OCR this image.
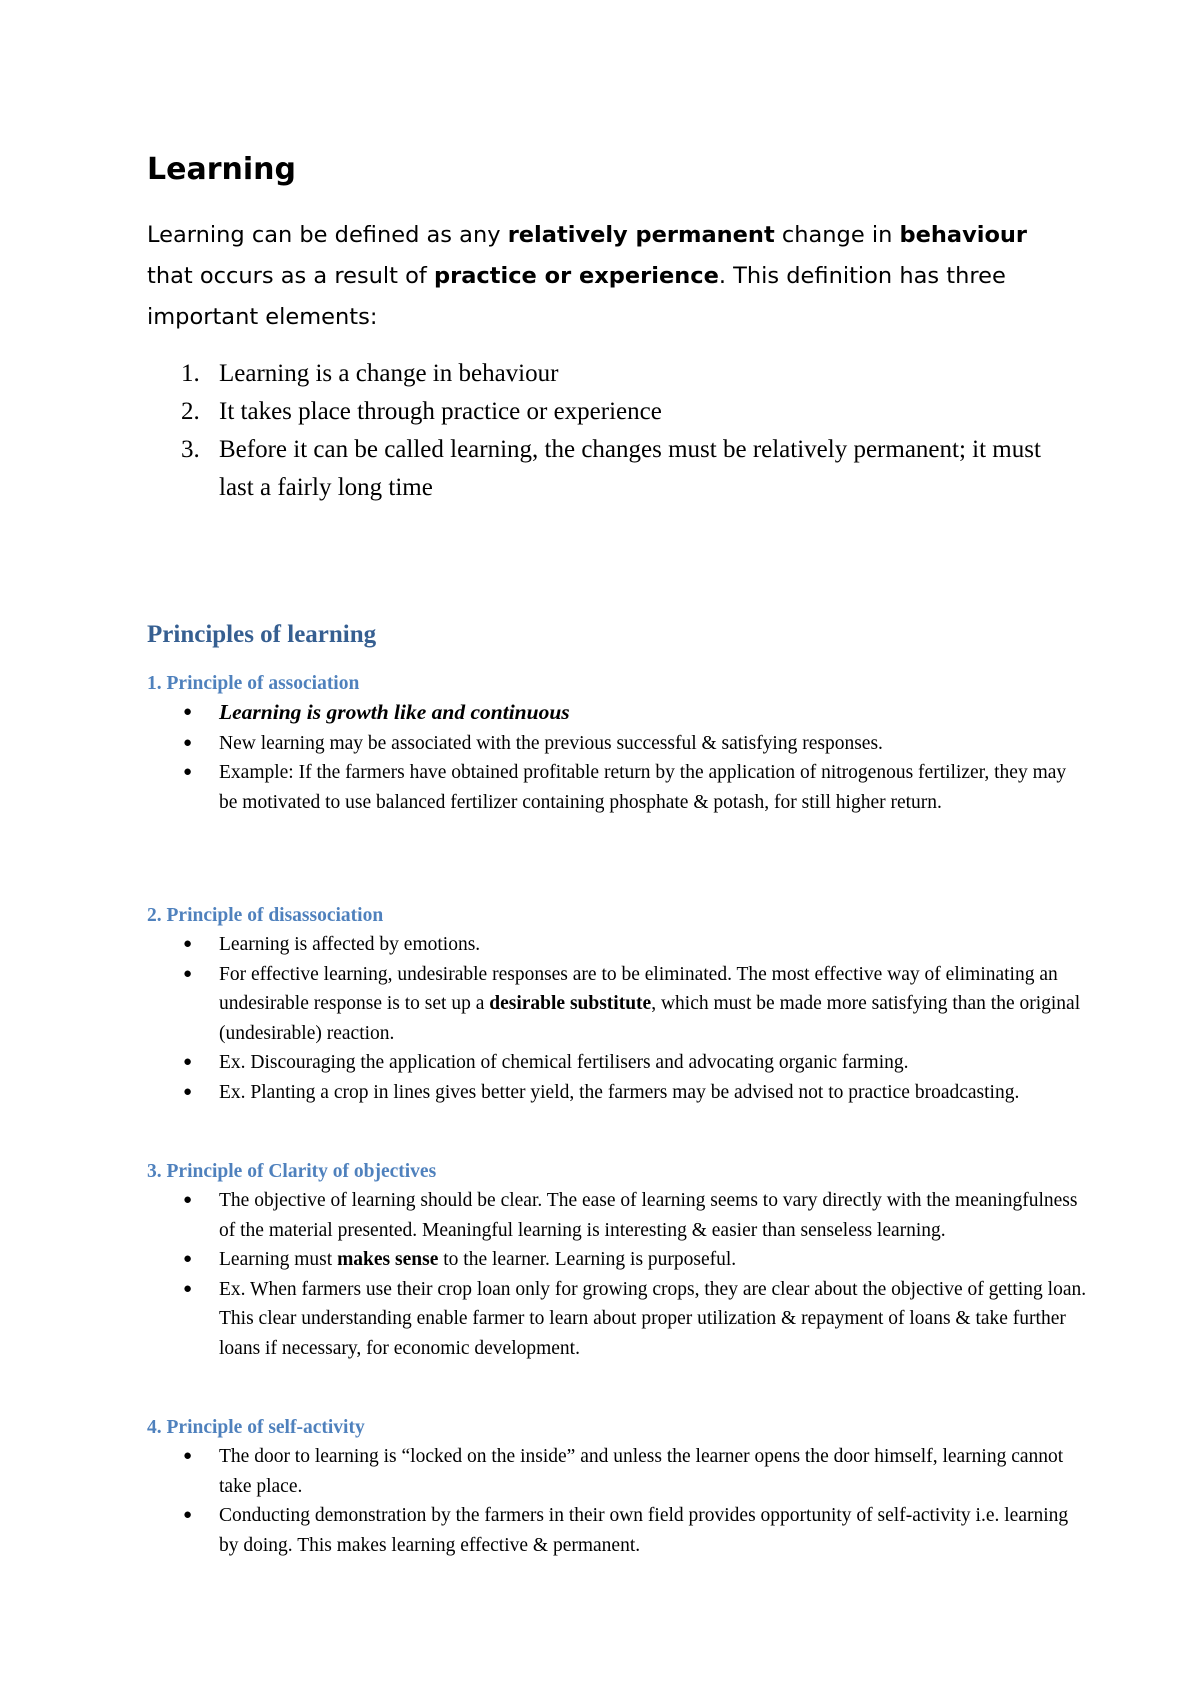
Learning

Learning can be defined as any relatively permanent change in behaviour that occurs as a result of practice or experience. This definition has three important elements:

1. Learning is a change in behaviour
2. It takes place through practice or experience
3. Before it can be called learning, the changes must be relatively permanent; it must last a fairly long time
Principles of learning
1. Principle of association
● Learning is growth like and continuous
● New learning may be associated with the previous successful & satisfying responses.
● Example: If the farmers have obtained profitable return by the application of nitrogenous fertilizer, they may be motivated to use balanced fertilizer containing phosphate & potash, for still higher return.
2. Principle of disassociation
● Learning is affected by emotions.
● For effective learning, undesirable responses are to be eliminated. The most effective way of eliminating an undesirable response is to set up a desirable substitute, which must be made more satisfying than the original (undesirable) reaction.
● Ex. Discouraging the application of chemical fertilisers and advocating organic farming.
● Ex. Planting a crop in lines gives better yield, the farmers may be advised not to practice broadcasting.
3. Principle of Clarity of objectives
● The objective of learning should be clear. The ease of learning seems to vary directly with the meaningfulness of the material presented. Meaningful learning is interesting & easier than senseless learning.
● Learning must makes sense to the learner. Learning is purposeful.
● Ex. When farmers use their crop loan only for growing crops, they are clear about the objective of getting loan. This clear understanding enable farmer to learn about proper utilization & repayment of loans & take further loans if necessary, for economic development.
4. Principle of self-activity
● The door to learning is “locked on the inside” and unless the learner opens the door himself, learning cannot take place.
● Conducting demonstration by the farmers in their own field provides opportunity of self-activity i.e. learning by doing. This makes learning effective & permanent.
